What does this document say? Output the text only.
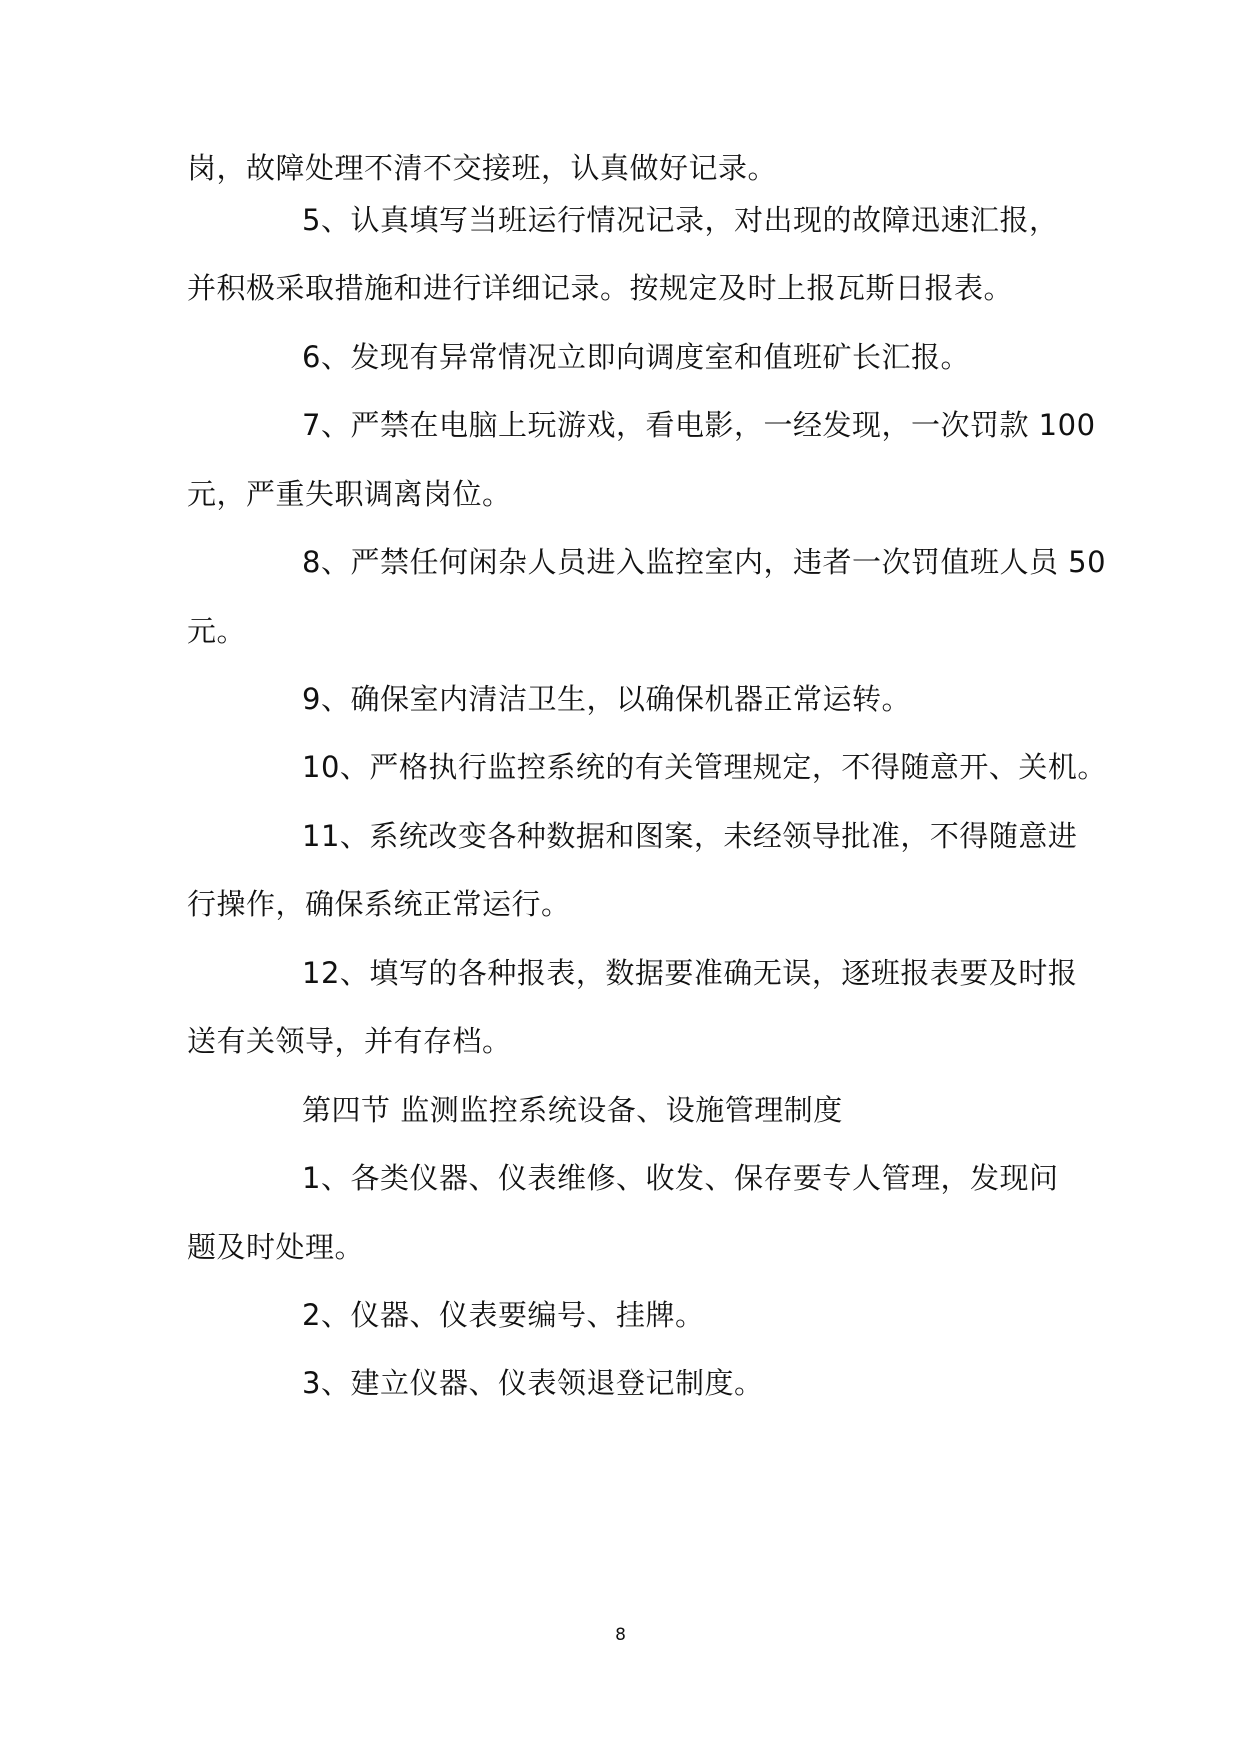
岗，故障处理不清不交接班，认真做好记录。
5、认真填写当班运行情况记录，对出现的故障迅速汇报，
并积极采取措施和进行详细记录。按规定及时上报瓦斯日报表。
6、发现有异常情况立即向调度室和值班矿长汇报。
7、严禁在电脑上玩游戏，看电影，一经发现，一次罚款 100
元，严重失职调离岗位。
8、严禁任何闲杂人员进入监控室内，违者一次罚值班人员 50
元。
9、确保室内清洁卫生，以确保机器正常运转。
10、严格执行监控系统的有关管理规定，不得随意开、关机。
11、系统改变各种数据和图案，未经领导批准，不得随意进
行操作，确保系统正常运行。
12、填写的各种报表，数据要准确无误，逐班报表要及时报
送有关领导，并有存档。
第四节 监测监控系统设备、设施管理制度
1、各类仪器、仪表维修、收发、保存要专人管理，发现问
题及时处理。
2、仪器、仪表要编号、挂牌。
3、建立仪器、仪表领退登记制度。
8
